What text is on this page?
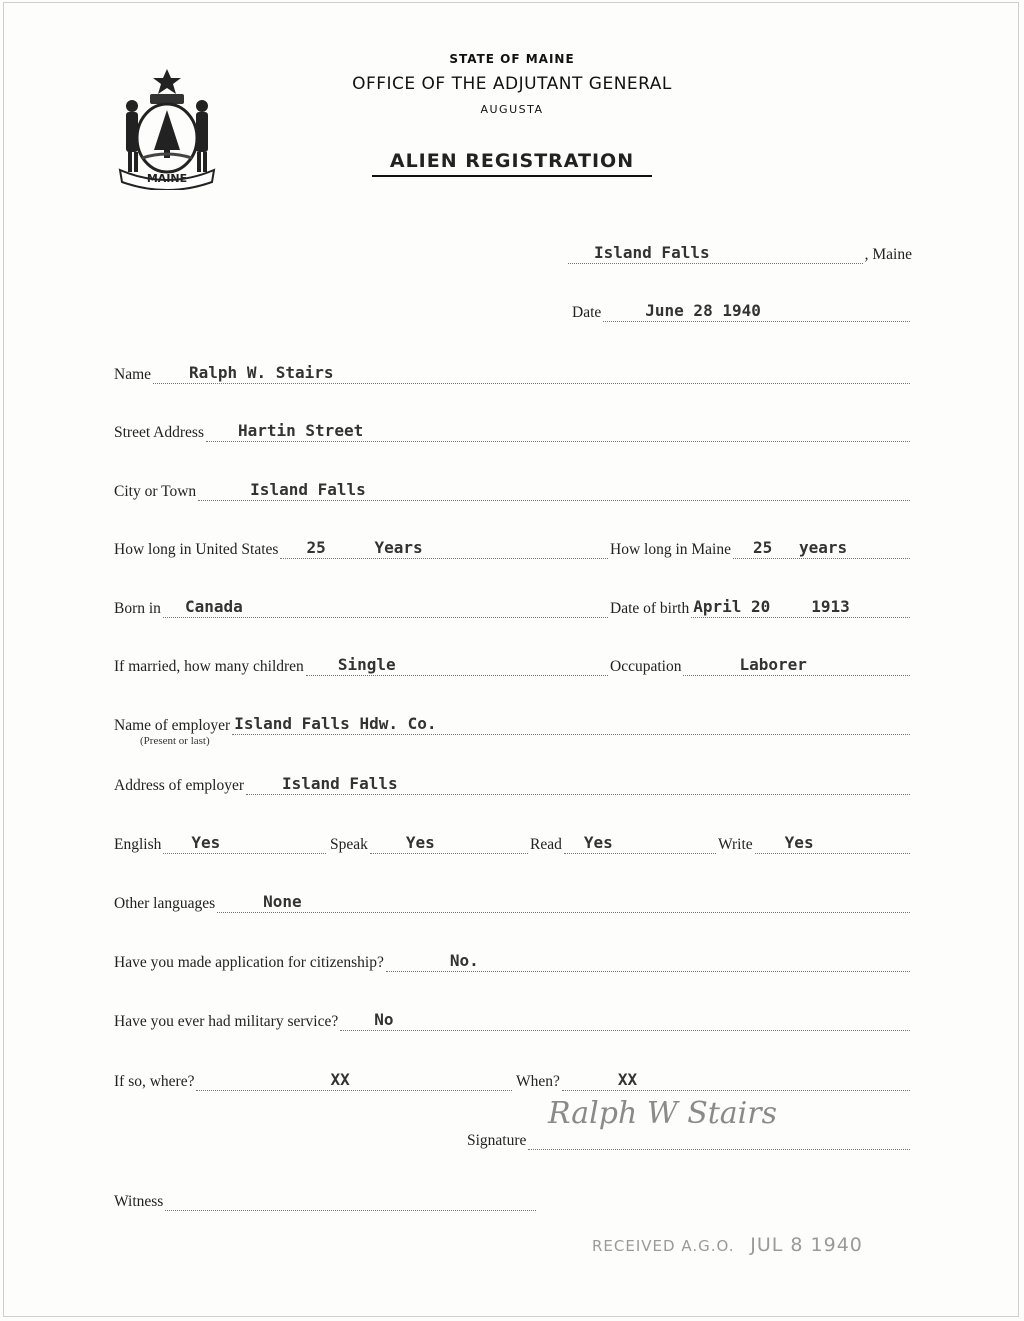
MAINE
STATE OF MAINE
OFFICE OF THE ADJUTANT GENERAL
AUGUSTA
ALIEN REGISTRATION
Island Falls	, Maine
Date	June 28 1940
Name Ralph W. Stairs
Street Address Hartin Street
City or Town	Island Falls
How long in United States 25	Years	How long in Maine 25 years
Born in Canada	Date of birth April 20	1913
If married, how many children Single	Occupation	Laborer
Name of employer Island Falls Hdw. Co.
(Present or last)
Address of employer Island Falls
English Yes	Speak Yes	Read Yes	Write Yes
Other languages	None
Have you made application for citizenship?	No.
Have you ever had military service? No
If so, where?	XX	When?	XX
Signature
Ralph W Stairs
Witness
RECEIVED A.G.O. JUL 8 1940
